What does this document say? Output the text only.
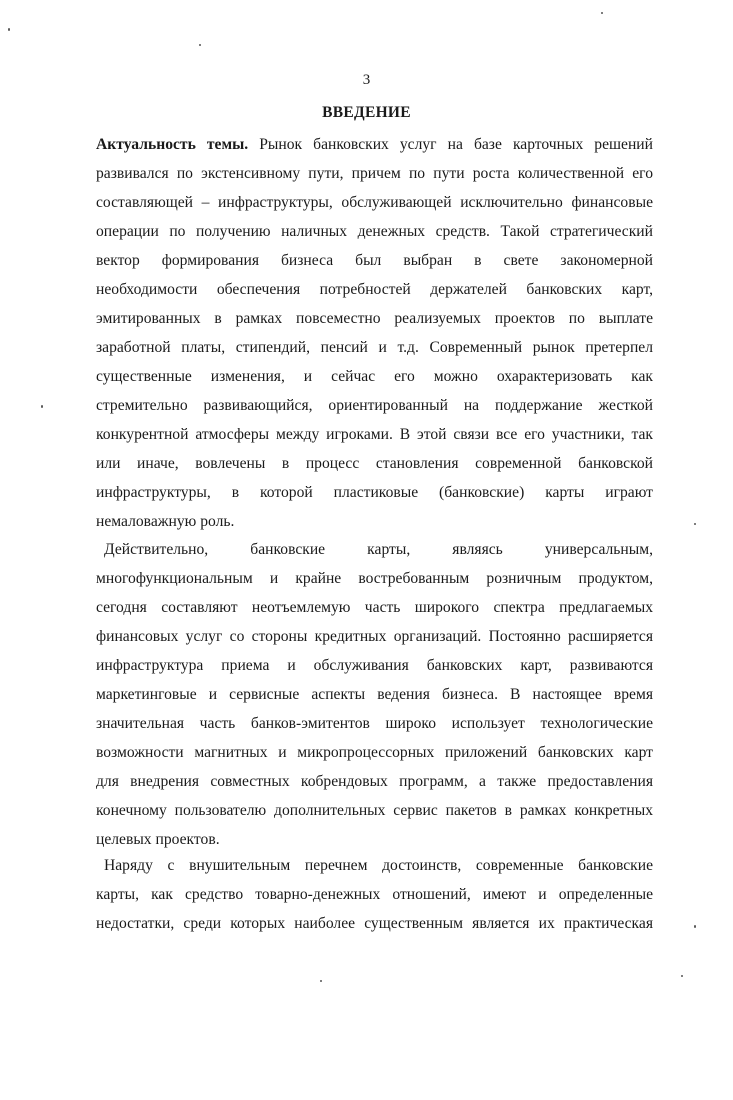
3
ВВЕДЕНИЕ
Актуальность темы. Рынок банковских услуг на базе карточных решений
развивался по экстенсивному пути, причем по пути роста количественной его
составляющей – инфраструктуры, обслуживающей исключительно финансовые
операции по получению наличных денежных средств. Такой стратегический
вектор формирования бизнеса был выбран в свете закономерной
необходимости обеспечения потребностей держателей банковских карт,
эмитированных в рамках повсеместно реализуемых проектов по выплате
заработной платы, стипендий, пенсий и т.д. Современный рынок претерпел
существенные изменения, и сейчас его можно охарактеризовать как
стремительно развивающийся, ориентированный на поддержание жесткой
конкурентной атмосферы между игроками. В этой связи все его участники, так
или иначе, вовлечены в процесс становления современной банковской
инфраструктуры, в которой пластиковые (банковские) карты играют
немаловажную роль.
Действительно, банковские карты, являясь универсальным,
многофункциональным и крайне востребованным розничным продуктом,
сегодня составляют неотъемлемую часть широкого спектра предлагаемых
финансовых услуг со стороны кредитных организаций. Постоянно расширяется
инфраструктура приема и обслуживания банковских карт, развиваются
маркетинговые и сервисные аспекты ведения бизнеса. В настоящее время
значительная часть банков-эмитентов широко использует технологические
возможности магнитных и микропроцессорных приложений банковских карт
для внедрения совместных кобрендовых программ, а также предоставления
конечному пользователю дополнительных сервис пакетов в рамках конкретных
целевых проектов.
Наряду с внушительным перечнем достоинств, современные банковские
карты, как средство товарно-денежных отношений, имеют и определенные
недостатки, среди которых наиболее существенным является их практическая
